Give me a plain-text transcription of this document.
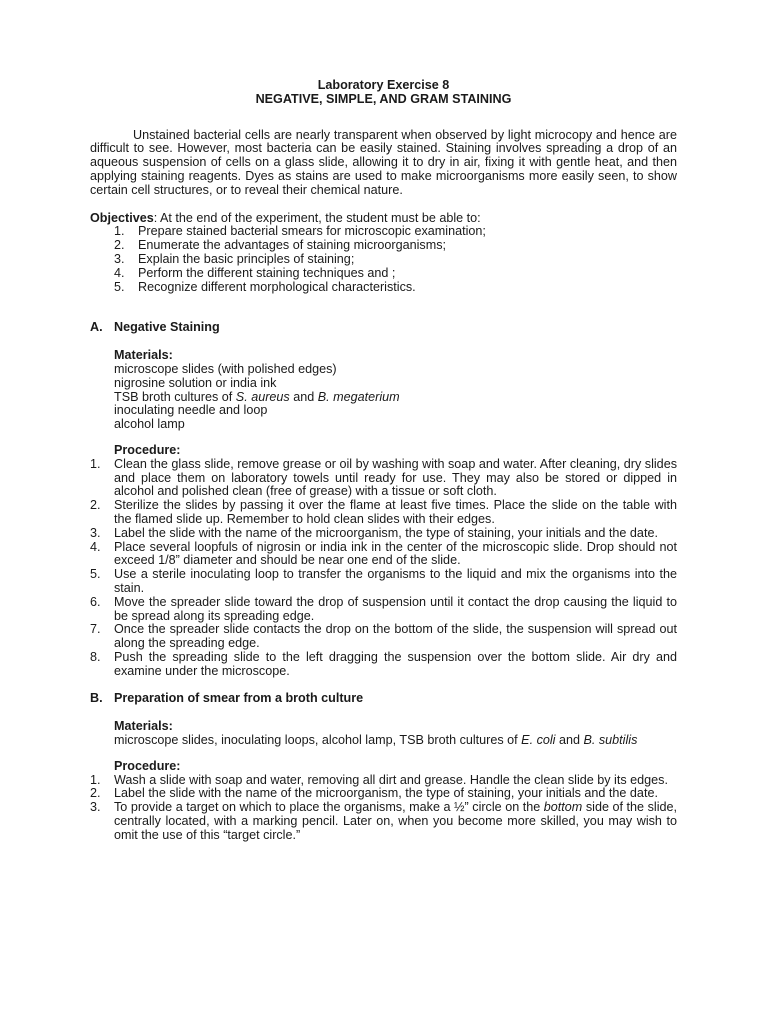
Laboratory Exercise 8
NEGATIVE, SIMPLE, AND GRAM STAINING

Unstained bacterial cells are nearly transparent when observed by light microcopy and hence are difficult to see. However, most bacteria can be easily stained. Staining involves spreading a drop of an aqueous suspension of cells on a glass slide, allowing it to dry in air, fixing it with gentle heat, and then applying staining reagents. Dyes as stains are used to make microorganisms more easily seen, to show certain cell structures, or to reveal their chemical nature.

Objectives: At the end of the experiment, the student must be able to:
1.	Prepare stained bacterial smears for microscopic examination;
2.	Enumerate the advantages of staining microorganisms;
3.	Explain the basic principles of staining;
4.	Perform the different staining techniques and ;
5.	Recognize different morphological characteristics.
A. Negative Staining
Materials:
microscope slides (with polished edges)
nigrosine solution or india ink
TSB broth cultures of S. aureus and B. megaterium
inoculating needle and loop
alcohol lamp
Procedure:
1.	Clean the glass slide, remove grease or oil by washing with soap and water. After cleaning, dry slides and place them on laboratory towels until ready for use. They may also be stored or dipped in alcohol and polished clean (free of grease) with a tissue or soft cloth.
2.	Sterilize the slides by passing it over the flame at least five times. Place the slide on the table with the flamed slide up. Remember to hold clean slides with their edges.
3.	Label the slide with the name of the microorganism, the type of staining, your initials and the date.
4.	Place several loopfuls of nigrosin or india ink in the center of the microscopic slide. Drop should not exceed 1/8” diameter and should be near one end of the slide.
5.	Use a sterile inoculating loop to transfer the organisms to the liquid and mix the organisms into the stain.
6.	Move the spreader slide toward the drop of suspension until it contact the drop causing the liquid to be spread along its spreading edge.
7.	Once the spreader slide contacts the drop on the bottom of the slide, the suspension will spread out along the spreading edge.
8.	Push the spreading slide to the left dragging the suspension over the bottom slide. Air dry and examine under the microscope.
B. Preparation of smear from a broth culture
Materials:
microscope slides, inoculating loops, alcohol lamp, TSB broth cultures of E. coli and B. subtilis
Procedure:
1.	Wash a slide with soap and water, removing all dirt and grease. Handle the clean slide by its edges.
2.	Label the slide with the name of the microorganism, the type of staining, your initials and the date.
3.	To provide a target on which to place the organisms, make a ½” circle on the bottom side of the slide, centrally located, with a marking pencil. Later on, when you become more skilled, you may wish to omit the use of this “target circle.”
